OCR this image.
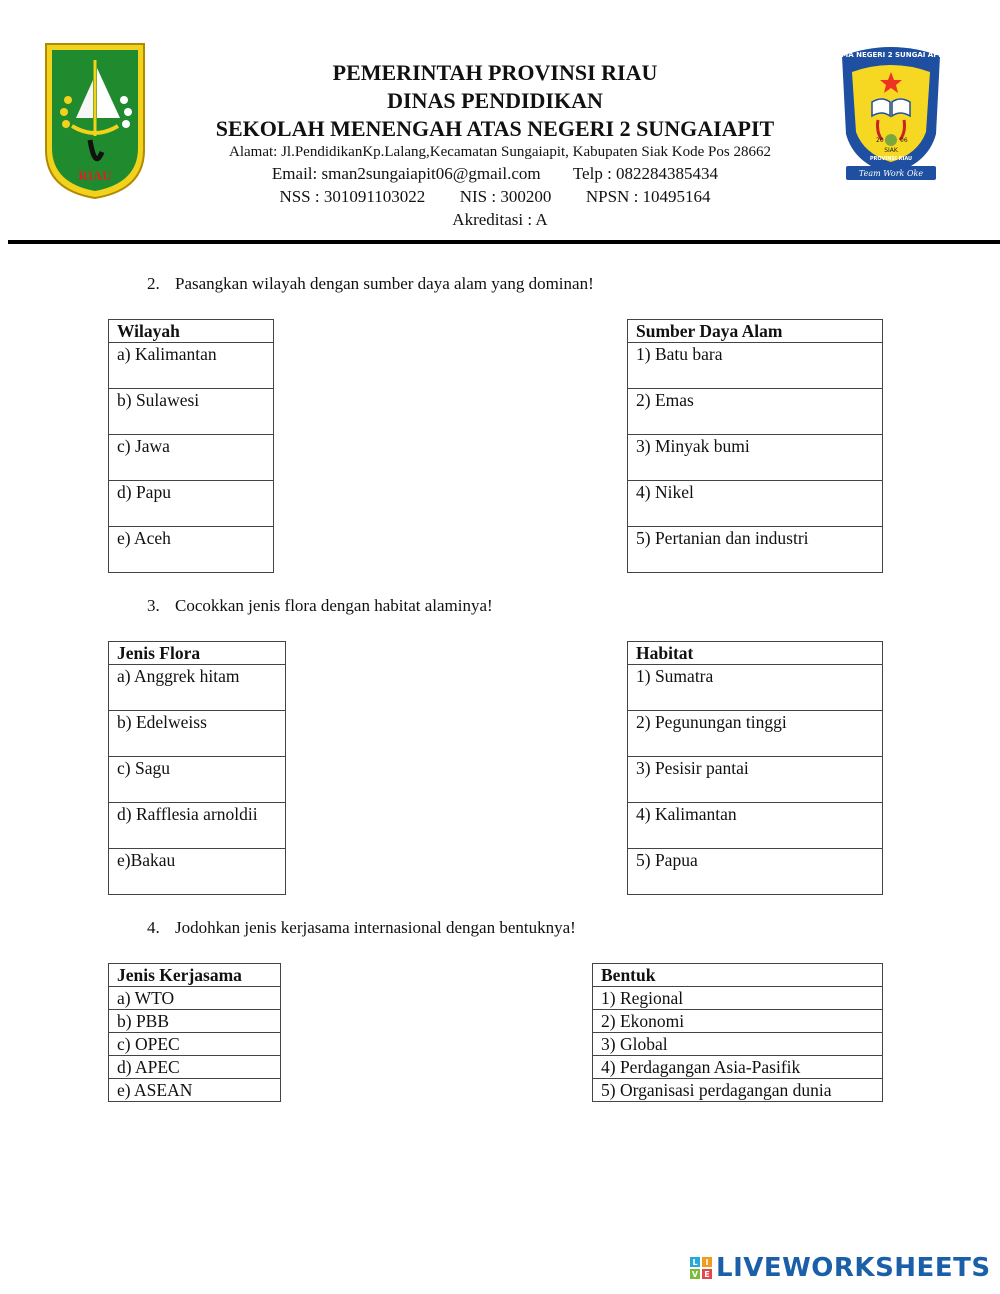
RIAU
PEMERINTAH PROVINSI RIAU
DINAS PENDIDIKAN
SEKOLAH MENENGAH ATAS NEGERI 2 SUNGAIAPIT
Alamat: Jl.PendidikanKp.Lalang,Kecamatan Sungaiapit, Kabupaten Siak Kode Pos 28662
Email: sman2sungaiapit06@gmail.com Telp : 082284385434
NSS : 301091103022 NIS : 300200 NPSN : 10495164
Akreditasi : A
20	06
SMA NEGERI 2 SUNGAI APIT
SIAK
PROVINSI RIAU
Team Work Oke
2. Pasangkan wilayah dengan sumber daya alam yang dominan!
Wilayah
a) Kalimantan
b) Sulawesi
c) Jawa
d) Papu
e) Aceh
Sumber Daya Alam
1) Batu bara
2) Emas
3) Minyak bumi
4) Nikel
5) Pertanian dan industri
3. Cocokkan jenis flora dengan habitat alaminya!
Jenis Flora
a) Anggrek hitam
b) Edelweiss
c) Sagu
d) Rafflesia arnoldii
e)Bakau
Habitat
1) Sumatra
2) Pegunungan tinggi
3) Pesisir pantai
4) Kalimantan
5) Papua
4. Jodohkan jenis kerjasama internasional dengan bentuknya!
Jenis Kerjasama
a) WTO
b) PBB
c) OPEC
d) APEC
e) ASEAN
Bentuk
1) Regional
2) Ekonomi
3) Global
4) Perdagangan Asia-Pasifik
5) Organisasi perdagangan dunia
L I
V E LIVEWORKSHEETS
